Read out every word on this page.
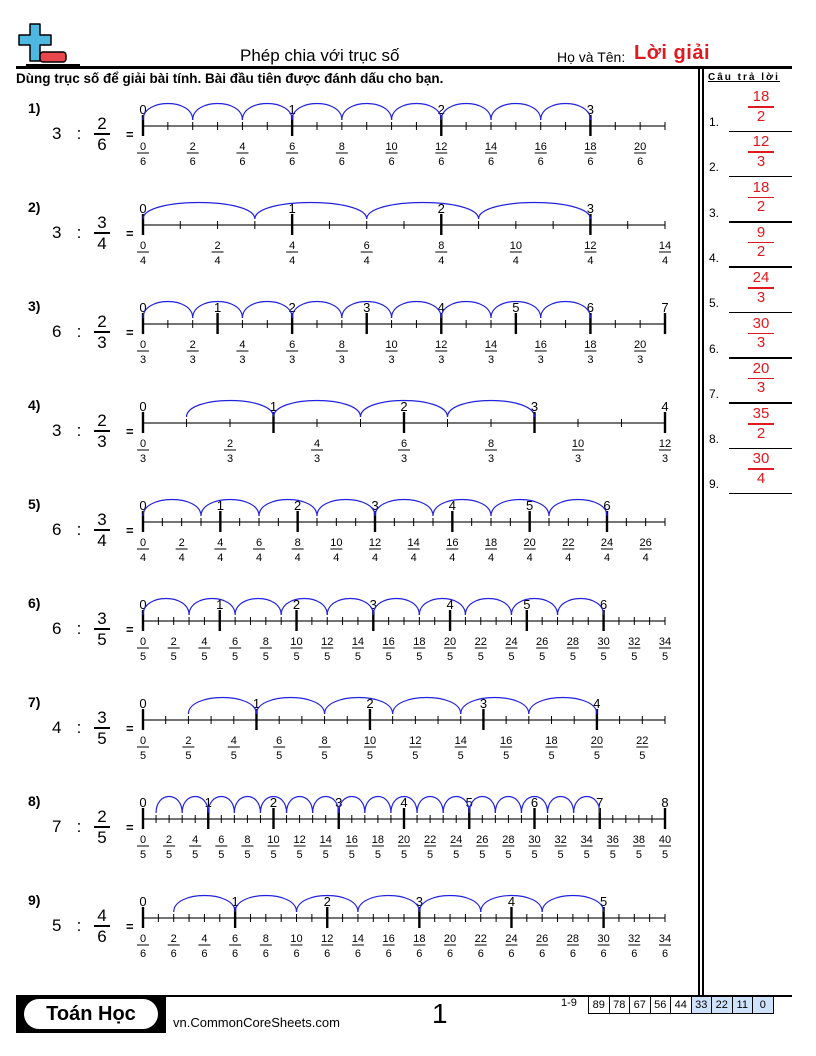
Phép chia với trục số	Họ và Tên: Lời giải
Dùng trục số để giải bài tính. Bài đầu tiên được đánh dấu cho bạn.	Câu trả lời
1.
18
2
2.
12
3
3.
18
2
4.
9
2
5.
24
3
6.
30
3
7.
20
3
8.
35
2
9.
30
4
1)
3 : $\frac{2}{6}$ =
0
6
2
6
4
6
6
6
8
6
10
6
12
6
14
6
16
6
18
6
20
6
0	1	2	3
2)
3 : $\frac{3}{4}$ =
0
4
2
4
4
4
6
4
8
4
10
4
12
4
14
4
0	1	2	3
3)
6 : $\frac{2}{3}$ =
0
3
2
3
4
3
6
3
8
3
10
3
12
3
14
3
16
3
18
3
20
3
0	1	2	3	4	5	6	7
4)
3 : $\frac{2}{3}$ =
0
3
2
3
4
3
6
3
8
3
10
3
12
3
0	1	2	3	4
5)
6 : $\frac{3}{4}$ =
0
4
2
4
4
4
6
4
8
4
10
4
12
4
14
4
16
4
18
4
20
4
22
4
24
4
26
4
0	1	2	3	4	5	6
6)
6 : $\frac{3}{5}$ =
0
5
2
5
4
5
6
5
8
5
10
5
12
5
14
5
16
5
18
5
20
5
22
5
24
5
26
5
28
5
30
5
32
5
34
5
0	1	2	3	4	5	6
7)
4 : $\frac{3}{5}$ =
0
5
2
5
4
5
6
5
8
5
10
5
12
5
14
5
16
5
18
5
20
5
22
5
0	1	2	3	4
8)
7 : $\frac{2}{5}$ =
0
5
2
5
4
5
6
5
8
5
10
5
12
5
14
5
16
5
18
5
20
5
22
5
24
5
26
5
28
5
30
5
32
5
34
5
36
5
38
5
40
5
0	1	2	3	4	5	6	7	8
9)
5 : $\frac{4}{6}$ =
0
6
2
6
4
6
6
6
8
6
10
6
12
6
14
6
16
6
18
6
20
6
22
6
24
6
26
6
28
6
30
6
32
6
34
6
0	1	2	3	4	5
Toán Học	vn.CommonCoreSheets.com	1	1-9	89 78 67 56 44 33 22 11	0
